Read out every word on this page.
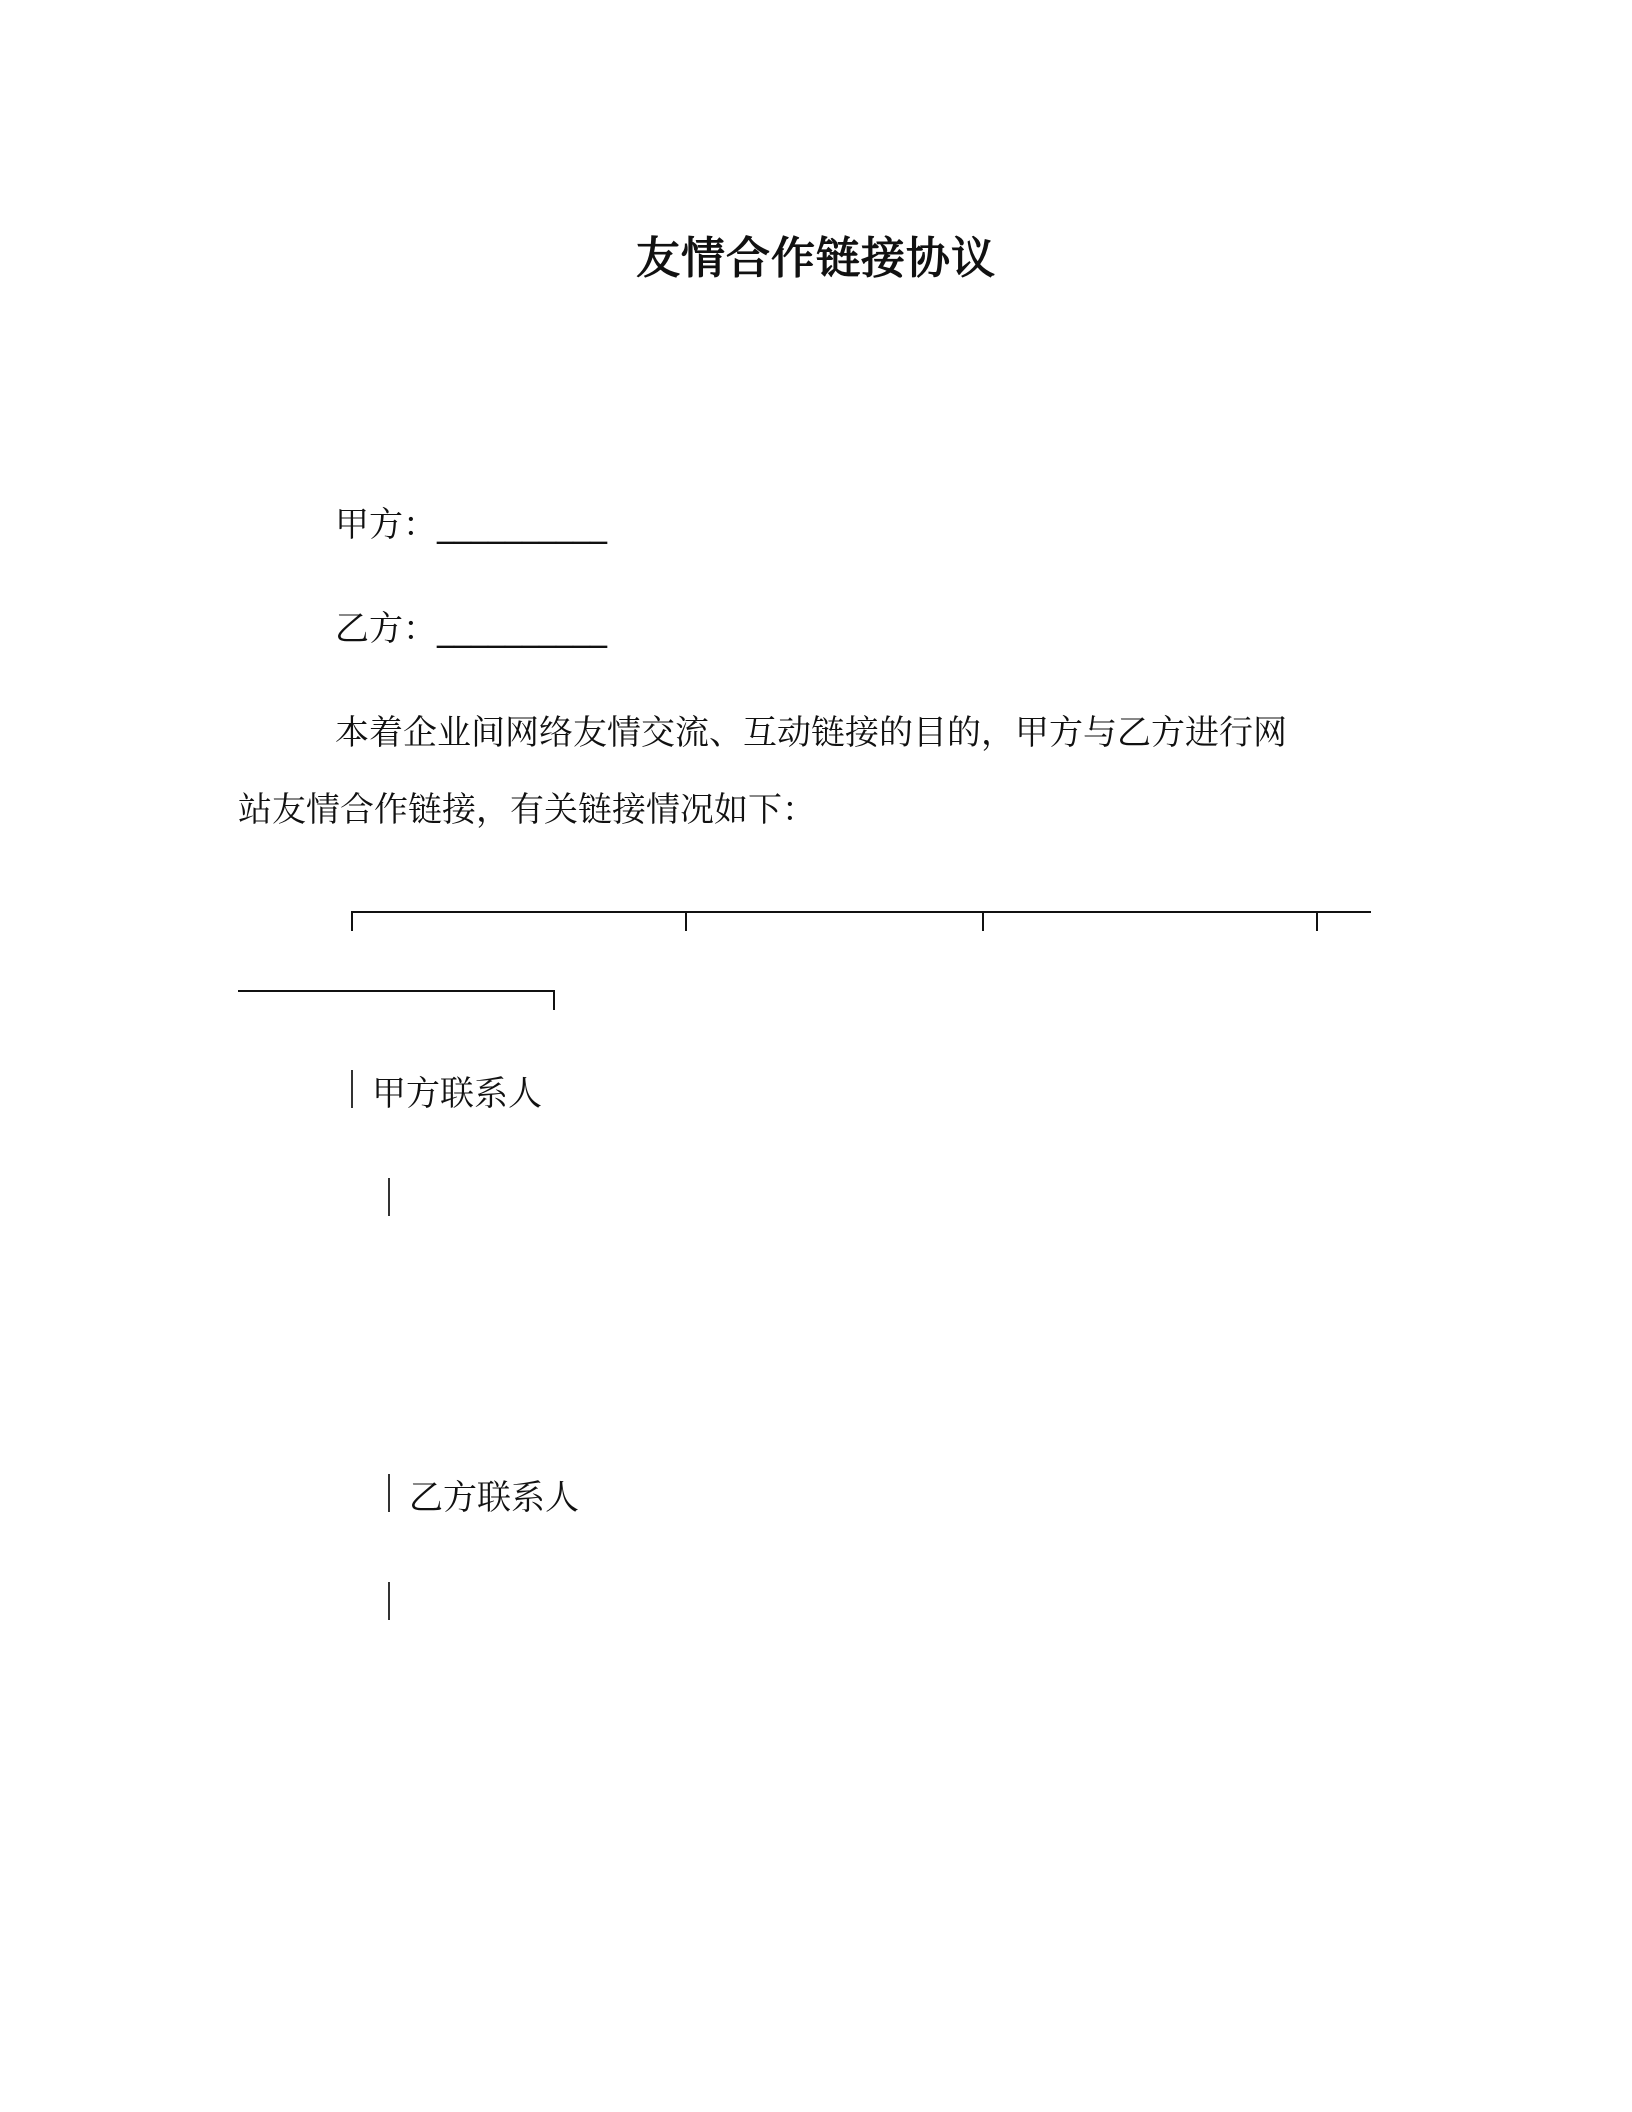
友情合作链接协议
甲方：__________
乙方：__________
本着企业间网络友情交流、互动链接的目的，甲方与乙方进行网
站友情合作链接，有关链接情况如下：
甲方联系人
乙方联系人
